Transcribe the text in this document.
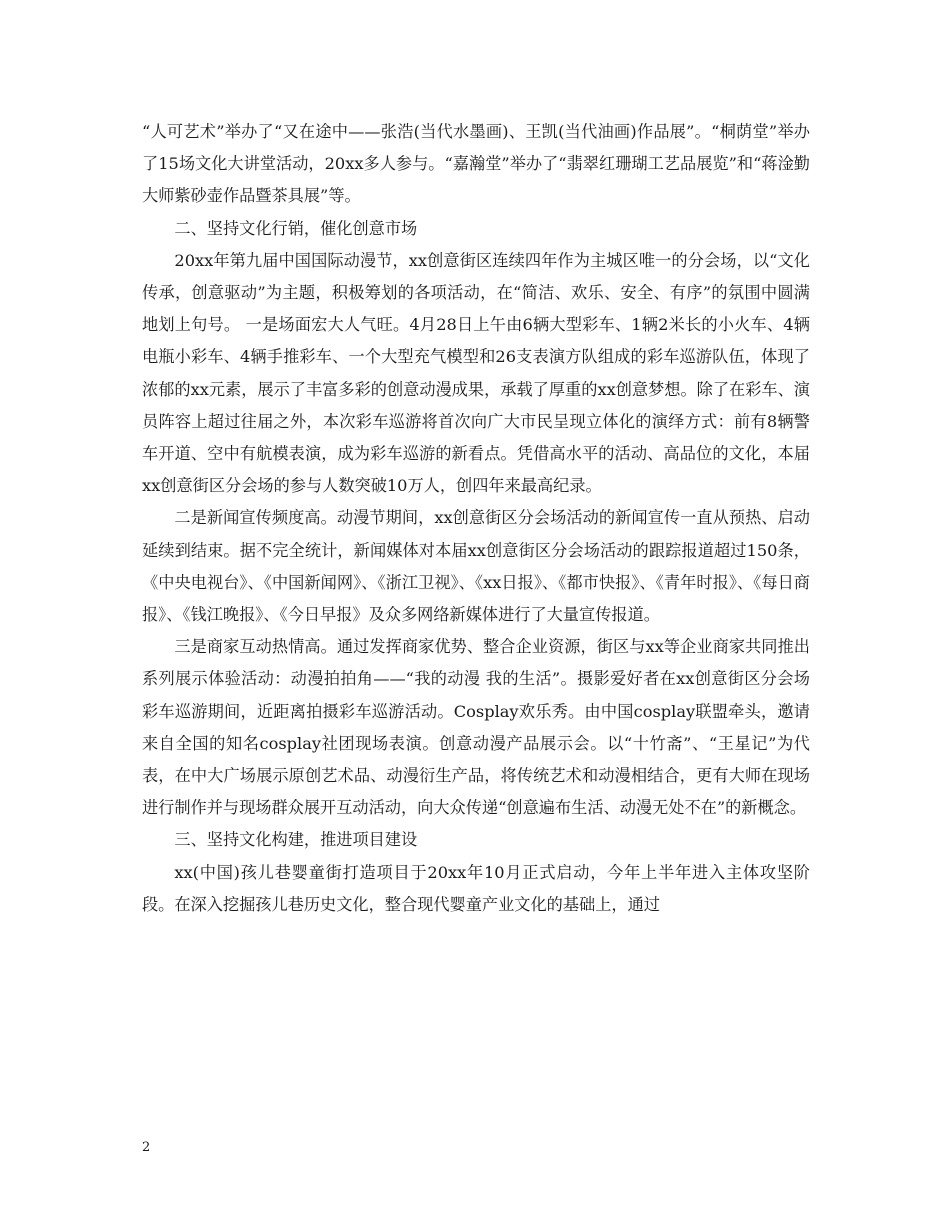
“人可艺术”举办了“又在途中——张浩(当代水墨画)、王凯(当代油画)作品展”。“桐荫堂”举办了15场文化大讲堂活动，20xx多人参与。“嘉瀚堂”举办了“翡翠红珊瑚工艺品展览”和“蒋淦勤大师紫砂壶作品暨茶具展”等。

二、坚持文化行销，催化创意市场

20xx年第九届中国国际动漫节，xx创意街区连续四年作为主城区唯一的分会场，以“文化传承，创意驱动”为主题，积极筹划的各项活动，在“简洁、欢乐、安全、有序”的氛围中圆满地划上句号。 一是场面宏大人气旺。4月28日上午由6辆大型彩车、1辆2米长的小火车、4辆电瓶小彩车、4辆手推彩车、一个大型充气模型和26支表演方队组成的彩车巡游队伍，体现了浓郁的xx元素，展示了丰富多彩的创意动漫成果，承载了厚重的xx创意梦想。除了在彩车、演员阵容上超过往届之外，本次彩车巡游将首次向广大市民呈现立体化的演绎方式：前有8辆警车开道、空中有航模表演，成为彩车巡游的新看点。凭借高水平的活动、高品位的文化，本届xx创意街区分会场的参与人数突破10万人，创四年来最高纪录。

二是新闻宣传频度高。动漫节期间，xx创意街区分会场活动的新闻宣传一直从预热、启动延续到结束。据不完全统计，新闻媒体对本届xx创意街区分会场活动的跟踪报道超过150条，《中央电视台》、《中国新闻网》、《浙江卫视》、《xx日报》、《都市快报》、《青年时报》、《每日商报》、《钱江晚报》、《今日早报》及众多网络新媒体进行了大量宣传报道。

三是商家互动热情高。通过发挥商家优势、整合企业资源，街区与xx等企业商家共同推出系列展示体验活动：动漫拍拍角——“我的动漫 我的生活”。摄影爱好者在xx创意街区分会场彩车巡游期间，近距离拍摄彩车巡游活动。Cosplay欢乐秀。由中国cosplay联盟牵头，邀请来自全国的知名cosplay社团现场表演。创意动漫产品展示会。以“十竹斋”、“王星记”为代表，在中大广场展示原创艺术品、动漫衍生产品，将传统艺术和动漫相结合，更有大师在现场进行制作并与现场群众展开互动活动，向大众传递“创意遍布生活、动漫无处不在”的新概念。

三、坚持文化构建，推进项目建设

xx(中国)孩儿巷婴童街打造项目于20xx年10月正式启动，今年上半年进入主体攻坚阶段。在深入挖掘孩儿巷历史文化，整合现代婴童产业文化的基础上，通过

2
